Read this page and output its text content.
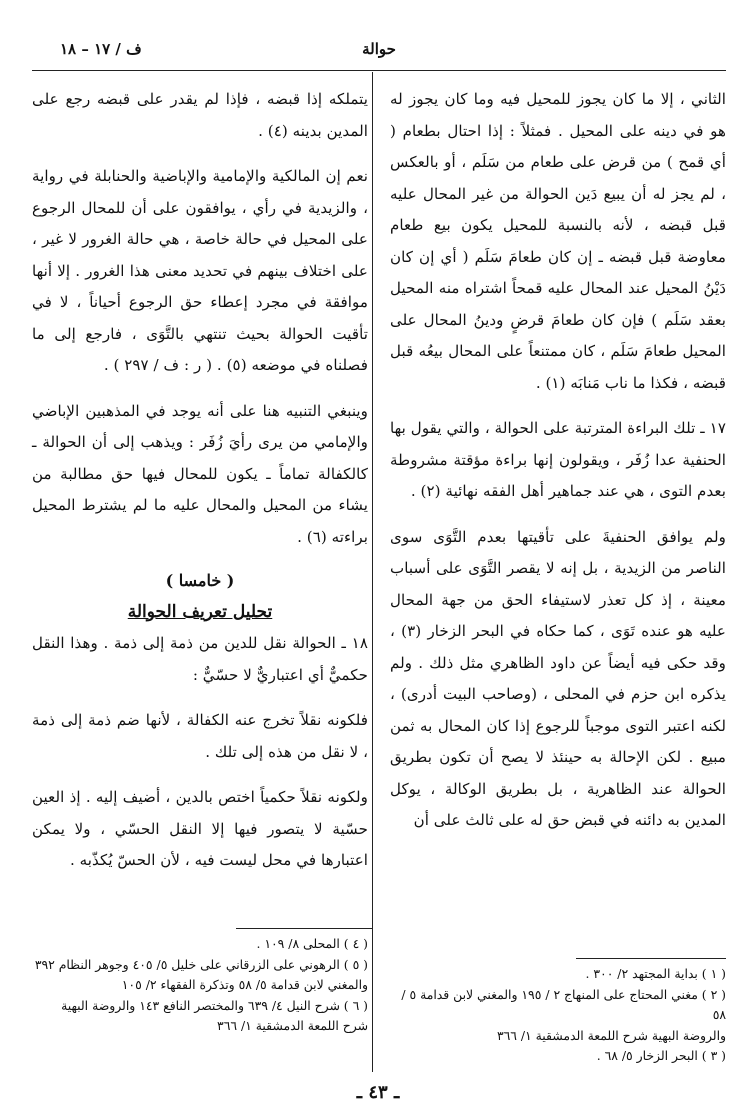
حوالة
ف / ١٧ – ١٨

الثاني ، إلا ما كان يجوز للمحيل فيه وما كان يجوز له هو في دينه على المحيل . فمثلاً : إذا احتال بطعام ( أي قمح ) من قرض على طعام من سَلَم ، أو بالعكس ، لم يجز له أن يبيع دَين الحوالة من غير المحال عليه قبل قبضه ، لأنه بالنسبة للمحيل يكون بيع طعام معاوضة قبل قبضه ـ إن كان طعامَ سَلَم ( أي إن كان دَيْنُ المحيل عند المحال عليه قمحاً اشتراه منه المحيل بعقد سَلَم ) فإن كان طعامَ قرضٍ ودينُ المحال على المحيل طعامَ سَلَم ، كان ممتنعاً على المحال بيعُه قبل قبضه ، فكذا ما ناب مَنابَه (١) .

١٧ ـ تلك البراءة المترتبة على الحوالة ، والتي يقول بها الحنفية عدا زُفَر ، ويقولون إنها براءة مؤقتة مشروطة بعدم التوى ، هي عند جماهير أهل الفقه نهائية (٢) .

ولم يوافق الحنفيةَ على تأقيتها بعدم التَّوَى سوى الناصر من الزيدية ، بل إنه لا يقصر التَّوَى على أسباب معينة ، إذ كل تعذر لاستيفاء الحق من جهة المحال عليه هو عنده تَوَى ، كما حكاه في البحر الزخار (٣) ، وقد حكى فيه أيضاً عن داود الظاهري مثل ذلك . ولم يذكره ابن حزم في المحلى ، (وصاحب البيت أدرى) ، لكنه اعتبر التوى موجباً للرجوع إذا كان المحال به ثمن مبيع . لكن الإحالة به حينئذ لا يصح أن تكون بطريق الحوالة عند الظاهرية ، بل بطريق الوكالة ، يوكل المدين به دائنه في قبض حق له على ثالث على أن

يتملكه إذا قبضه ، فإذا لم يقدر على قبضه رجع على المدين بدينه (٤) .

نعم إن المالكية والإمامية والإباضية والحنابلة في رواية ، والزيدية في رأي ، يوافقون على أن للمحال الرجوع على المحيل في حالة خاصة ، هي حالة الغرور لا غير ، على اختلاف بينهم في تحديد معنى هذا الغرور . إلا أنها موافقة في مجرد إعطاء حق الرجوع أحياناً ، لا في تأقيت الحوالة بحيث تنتهي بالتَّوَى ، فارجع إلى ما فصلناه في موضعه (٥) . ( ر : ف / ٢٩٧ ) .

وينبغي التنبيه هنا على أنه يوجد في المذهبين الإباضي والإمامي من يرى رأيَ زُفَر : ويذهب إلى أن الحوالة ـ كالكفالة تماماً ـ يكون للمحال فيها حق مطالبة من يشاء من المحيل والمحال عليه ما لم يشترط المحيل براءته (٦) .

( خامسا )
تحليل تعريف الحوالة

١٨ ـ الحوالة نقل للدين من ذمة إلى ذمة . وهذا النقل حكميٌّ أي اعتباريٌّ لا حسّيٌّ :

فلكونه نقلاً تخرج عنه الكفالة ، لأنها ضم ذمة إلى ذمة ، لا نقل من هذه إلى تلك .

ولكونه نقلاً حكمياً اختص بالدين ، أضيف إليه . إذ العين حسّية لا يتصور فيها إلا النقل الحسّي ، ولا يمكن اعتبارها في محل ليست فيه ، لأن الحسّ يُكذّبه .

( ٤ ) المحلى ٨/ ١٠٩ .
( ٥ ) الرهوني على الزرقاني على خليل ٥/ ٤٠٥ وجوهر النظام ٣٩٢
والمغني لابن قدامة ٥/ ٥٨ وتذكرة الفقهاء ٢/ ١٠٥
( ٦ ) شرح النيل ٤/ ٦٣٩ والمختصر النافع ١٤٣ والروضة البهية
شرح اللمعة الدمشقية ١/ ٣٦٦
( ١ ) بداية المجتهد ٢/ ٣٠٠ .
( ٢ ) مغني المحتاج على المنهاج ٢ / ١٩٥ والمغني لابن قدامة ٥ / ٥٨
والروضة البهية شرح اللمعة الدمشقية ١/ ٣٦٦
( ٣ ) البحر الزخار ٥/ ٦٨ .
ـ ٤٣ ـ
